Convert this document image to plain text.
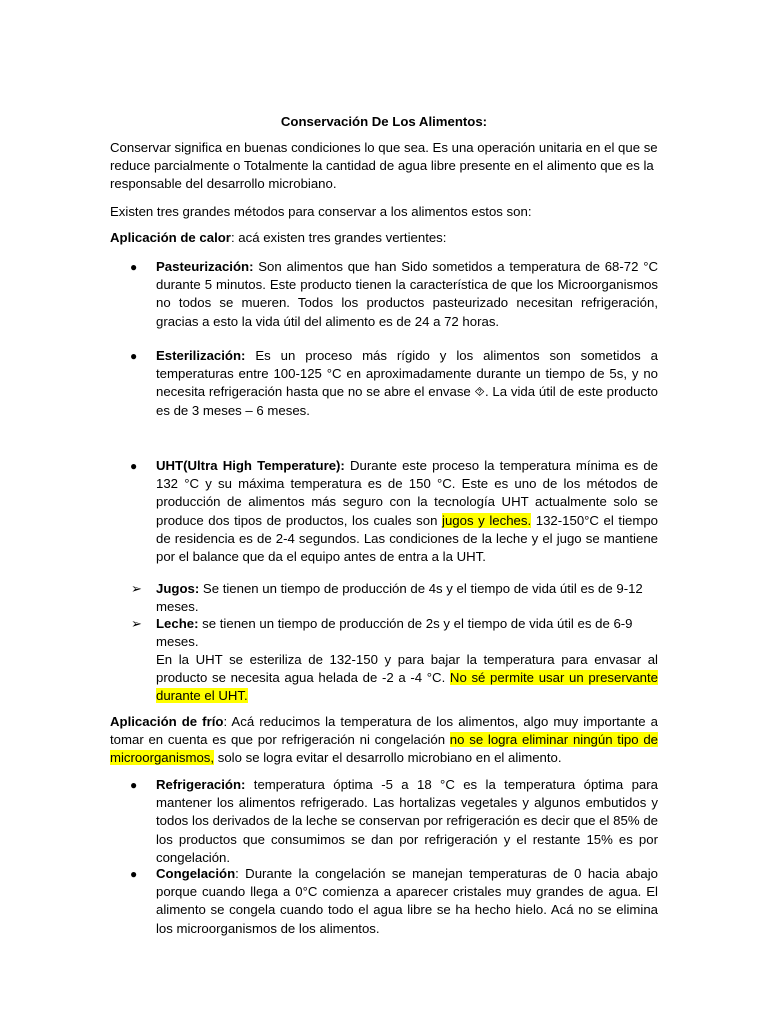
Conservación De Los Alimentos:

Conservar significa en buenas condiciones lo que sea. Es una operación unitaria en el que se reduce parcialmente o Totalmente la cantidad de agua libre presente en el alimento que es la responsable del desarrollo microbiano.

Existen tres grandes métodos para conservar a los alimentos estos son:

Aplicación de calor: acá existen tres grandes vertientes:

● Pasteurización: Son alimentos que han Sido sometidos a temperatura de 68-72 °C durante 5 minutos. Este producto tienen la característica de que los Microorganismos no todos se mueren. Todos los productos pasteurizado necesitan refrigeración, gracias a esto la vida útil del alimento es de 24 a 72 horas.

● Esterilización: Es un proceso más rígido y los alimentos son sometidos a temperaturas entre 100-125 °C en aproximadamente durante un tiempo de 5s, y no necesita refrigeración hasta que no se abre el envase ⯑. La vida útil de este producto es de 3 meses – 6 meses.

● UHT(Ultra High Temperature): Durante este proceso la temperatura mínima es de 132 °C y su máxima temperatura es de 150 °C. Este es uno de los métodos de producción de alimentos más seguro con la tecnología UHT actualmente solo se produce dos tipos de productos, los cuales son jugos y leches. 132-150°C el tiempo de residencia es de 2-4 segundos. Las condiciones de la leche y el jugo se mantiene por el balance que da el equipo antes de entra a la UHT.

➢ Jugos: Se tienen un tiempo de producción de 4s y el tiempo de vida útil es de 9-12 meses.

➢ Leche: se tienen un tiempo de producción de 2s y el tiempo de vida útil es de 6-9 meses.

En la UHT se esteriliza de 132-150 y para bajar la temperatura para envasar al producto se necesita agua helada de -2 a -4 °C. No sé permite usar un preservante durante el UHT.

Aplicación de frío: Acá reducimos la temperatura de los alimentos, algo muy importante a tomar en cuenta es que por refrigeración ni congelación no se logra eliminar ningún tipo de microorganismos, solo se logra evitar el desarrollo microbiano en el alimento.

● Refrigeración: temperatura óptima -5 a 18 °C es la temperatura óptima para mantener los alimentos refrigerado. Las hortalizas vegetales y algunos embutidos y todos los derivados de la leche se conservan por refrigeración es decir que el 85% de los productos que consumimos se dan por refrigeración y el restante 15% es por congelación.

● Congelación: Durante la congelación se manejan temperaturas de 0 hacia abajo porque cuando llega a 0°C comienza a aparecer cristales muy grandes de agua. El alimento se congela cuando todo el agua libre se ha hecho hielo. Acá no se elimina los microorganismos de los alimentos.
